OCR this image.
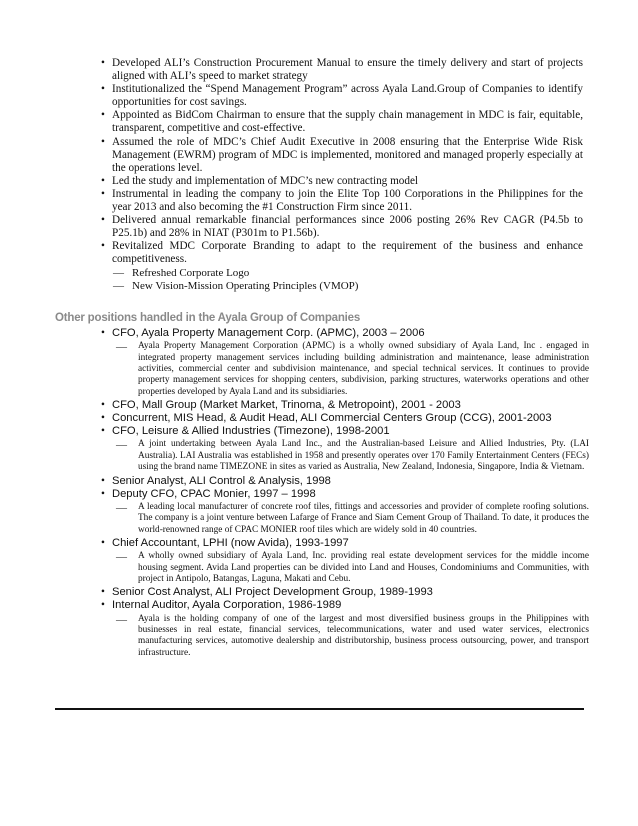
• Developed ALI’s Construction Procurement Manual to ensure the timely delivery and start of projects aligned with ALI’s speed to market strategy
• Institutionalized the “Spend Management Program” across Ayala Land.Group of Companies to identify opportunities for cost savings.
• Appointed as BidCom Chairman to ensure that the supply chain management in MDC is fair, equitable, transparent, competitive and cost-effective.
• Assumed the role of MDC’s Chief Audit Executive in 2008 ensuring that the Enterprise Wide Risk Management (EWRM) program of MDC is implemented, monitored and managed properly especially at the operations level.
• Led the study and implementation of MDC’s new contracting model
• Instrumental in leading the company to join the Elite Top 100 Corporations in the Philippines for the year 2013 and also becoming the #1 Construction Firm since 2011.
• Delivered annual remarkable financial performances since 2006 posting 26% Rev CAGR (P4.5b to P25.1b) and 28% in NIAT (P301m to P1.56b).
• Revitalized MDC Corporate Branding to adapt to the requirement of the business and enhance competitiveness.
— Refreshed Corporate Logo
— New Vision-Mission Operating Principles (VMOP)
Other positions handled in the Ayala Group of Companies
• CFO, Ayala Property Management Corp. (APMC), 2003 – 2006
— Ayala Property Management Corporation (APMC) is a wholly owned subsidiary of Ayala Land, Inc . engaged in integrated property management services including building administration and maintenance, lease administration activities, commercial center and subdivision maintenance, and special technical services. It continues to provide property management services for shopping centers, subdivision, parking structures, waterworks operations and other properties developed by Ayala Land and its subsidiaries.
• CFO, Mall Group (Market Market, Trinoma, & Metropoint), 2001 - 2003
• Concurrent, MIS Head, & Audit Head, ALI Commercial Centers Group (CCG), 2001-2003
• CFO, Leisure & Allied Industries (Timezone), 1998-2001
— A joint undertaking between Ayala Land Inc., and the Australian-based Leisure and Allied Industries, Pty. (LAI Australia). LAI Australia was established in 1958 and presently operates over 170 Family Entertainment Centers (FECs) using the brand name TIMEZONE in sites as varied as Australia, New Zealand, Indonesia, Singapore, India & Vietnam.
• Senior Analyst, ALI Control & Analysis, 1998
• Deputy CFO, CPAC Monier, 1997 – 1998
— A leading local manufacturer of concrete roof tiles, fittings and accessories and provider of complete roofing solutions. The company is a joint venture between Lafarge of France and Siam Cement Group of Thailand. To date, it produces the world-renowned range of CPAC MONIER roof tiles which are widely sold in 40 countries.
• Chief Accountant, LPHI (now Avida), 1993-1997
— A wholly owned subsidiary of Ayala Land, Inc. providing real estate development services for the middle income housing segment. Avida Land properties can be divided into Land and Houses, Condominiums and Communities, with project in Antipolo, Batangas, Laguna, Makati and Cebu.
• Senior Cost Analyst, ALI Project Development Group, 1989-1993
• Internal Auditor, Ayala Corporation, 1986-1989
— Ayala is the holding company of one of the largest and most diversified business groups in the Philippines with businesses in real estate, financial services, telecommunications, water and used water services, electronics manufacturing services, automotive dealership and distributorship, business process outsourcing, power, and transport infrastructure.
